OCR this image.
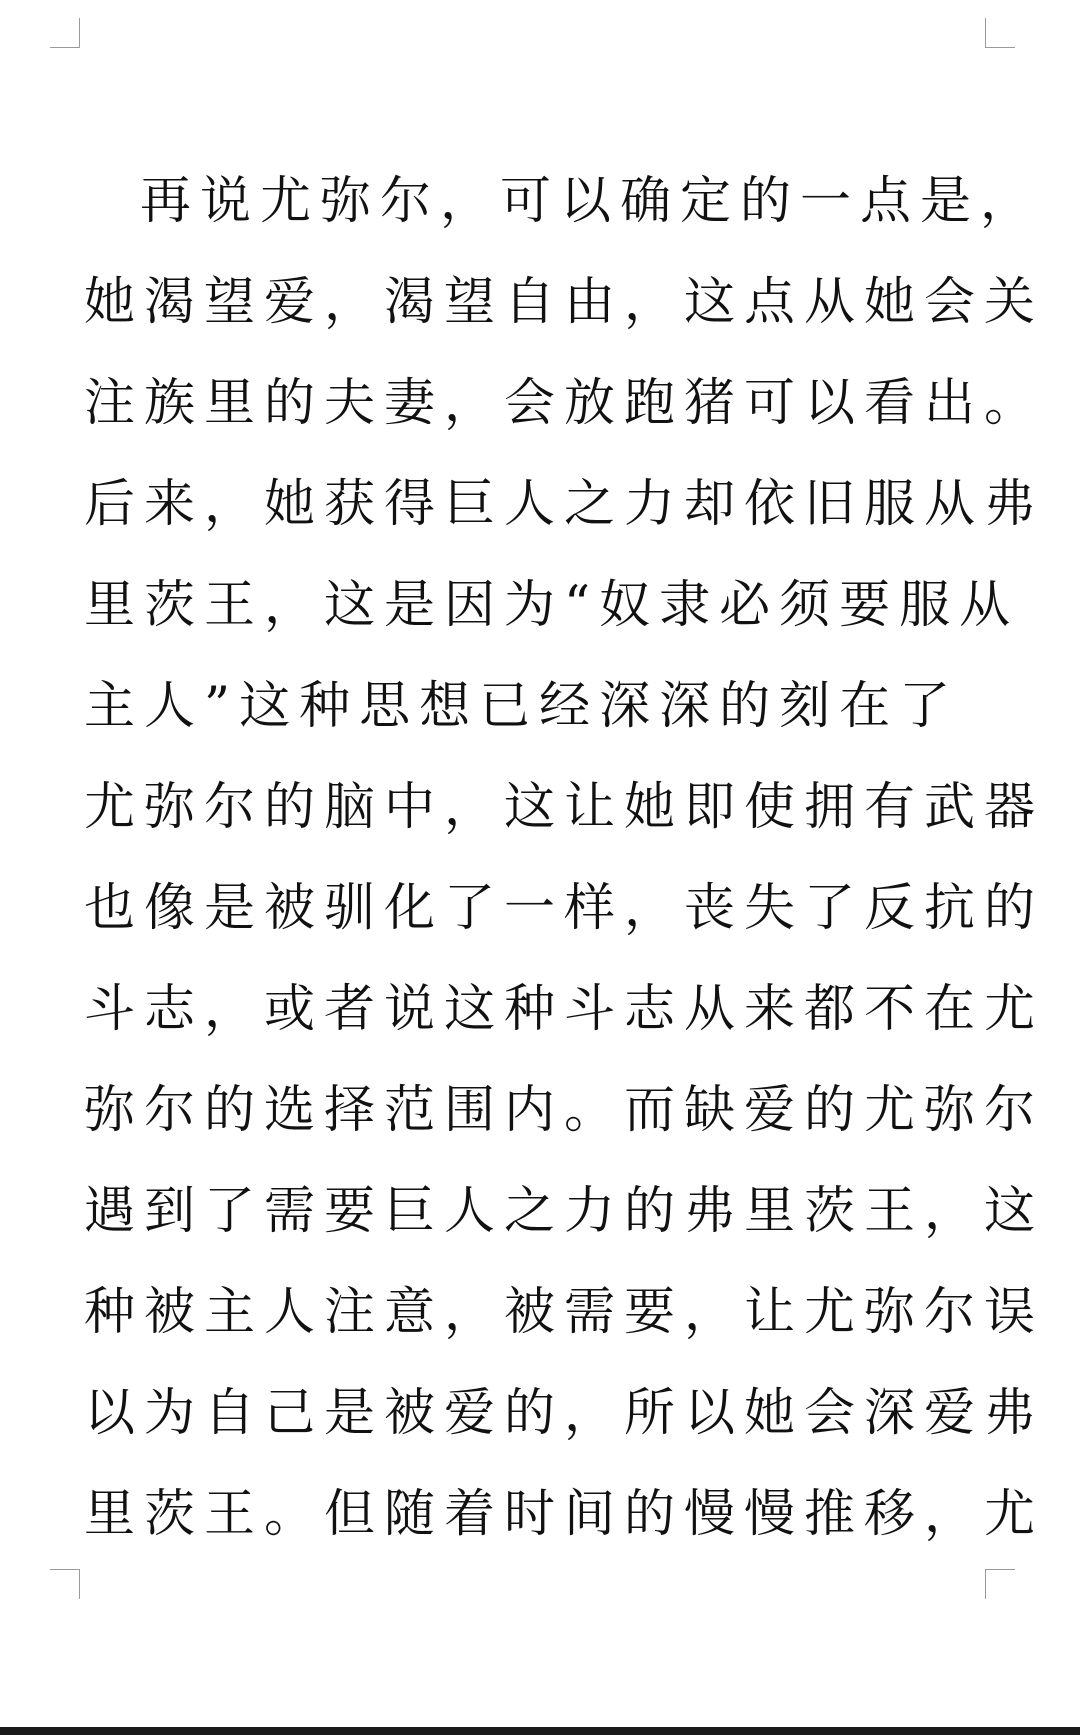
再说尤弥尔，可以确定的一点是，
她渴望爱，渴望自由，这点从她会关
注族里的夫妻，会放跑猪可以看出。
后来，她获得巨人之力却依旧服从弗
里茨王，这是因为“奴隶必须要服从
主人”这种思想已经深深的刻在了
尤弥尔的脑中，这让她即使拥有武器
也像是被驯化了一样，丧失了反抗的
斗志，或者说这种斗志从来都不在尤
弥尔的选择范围内。而缺爱的尤弥尔
遇到了需要巨人之力的弗里茨王，这
种被主人注意，被需要，让尤弥尔误
以为自己是被爱的，所以她会深爱弗
里茨王。但随着时间的慢慢推移，尤
